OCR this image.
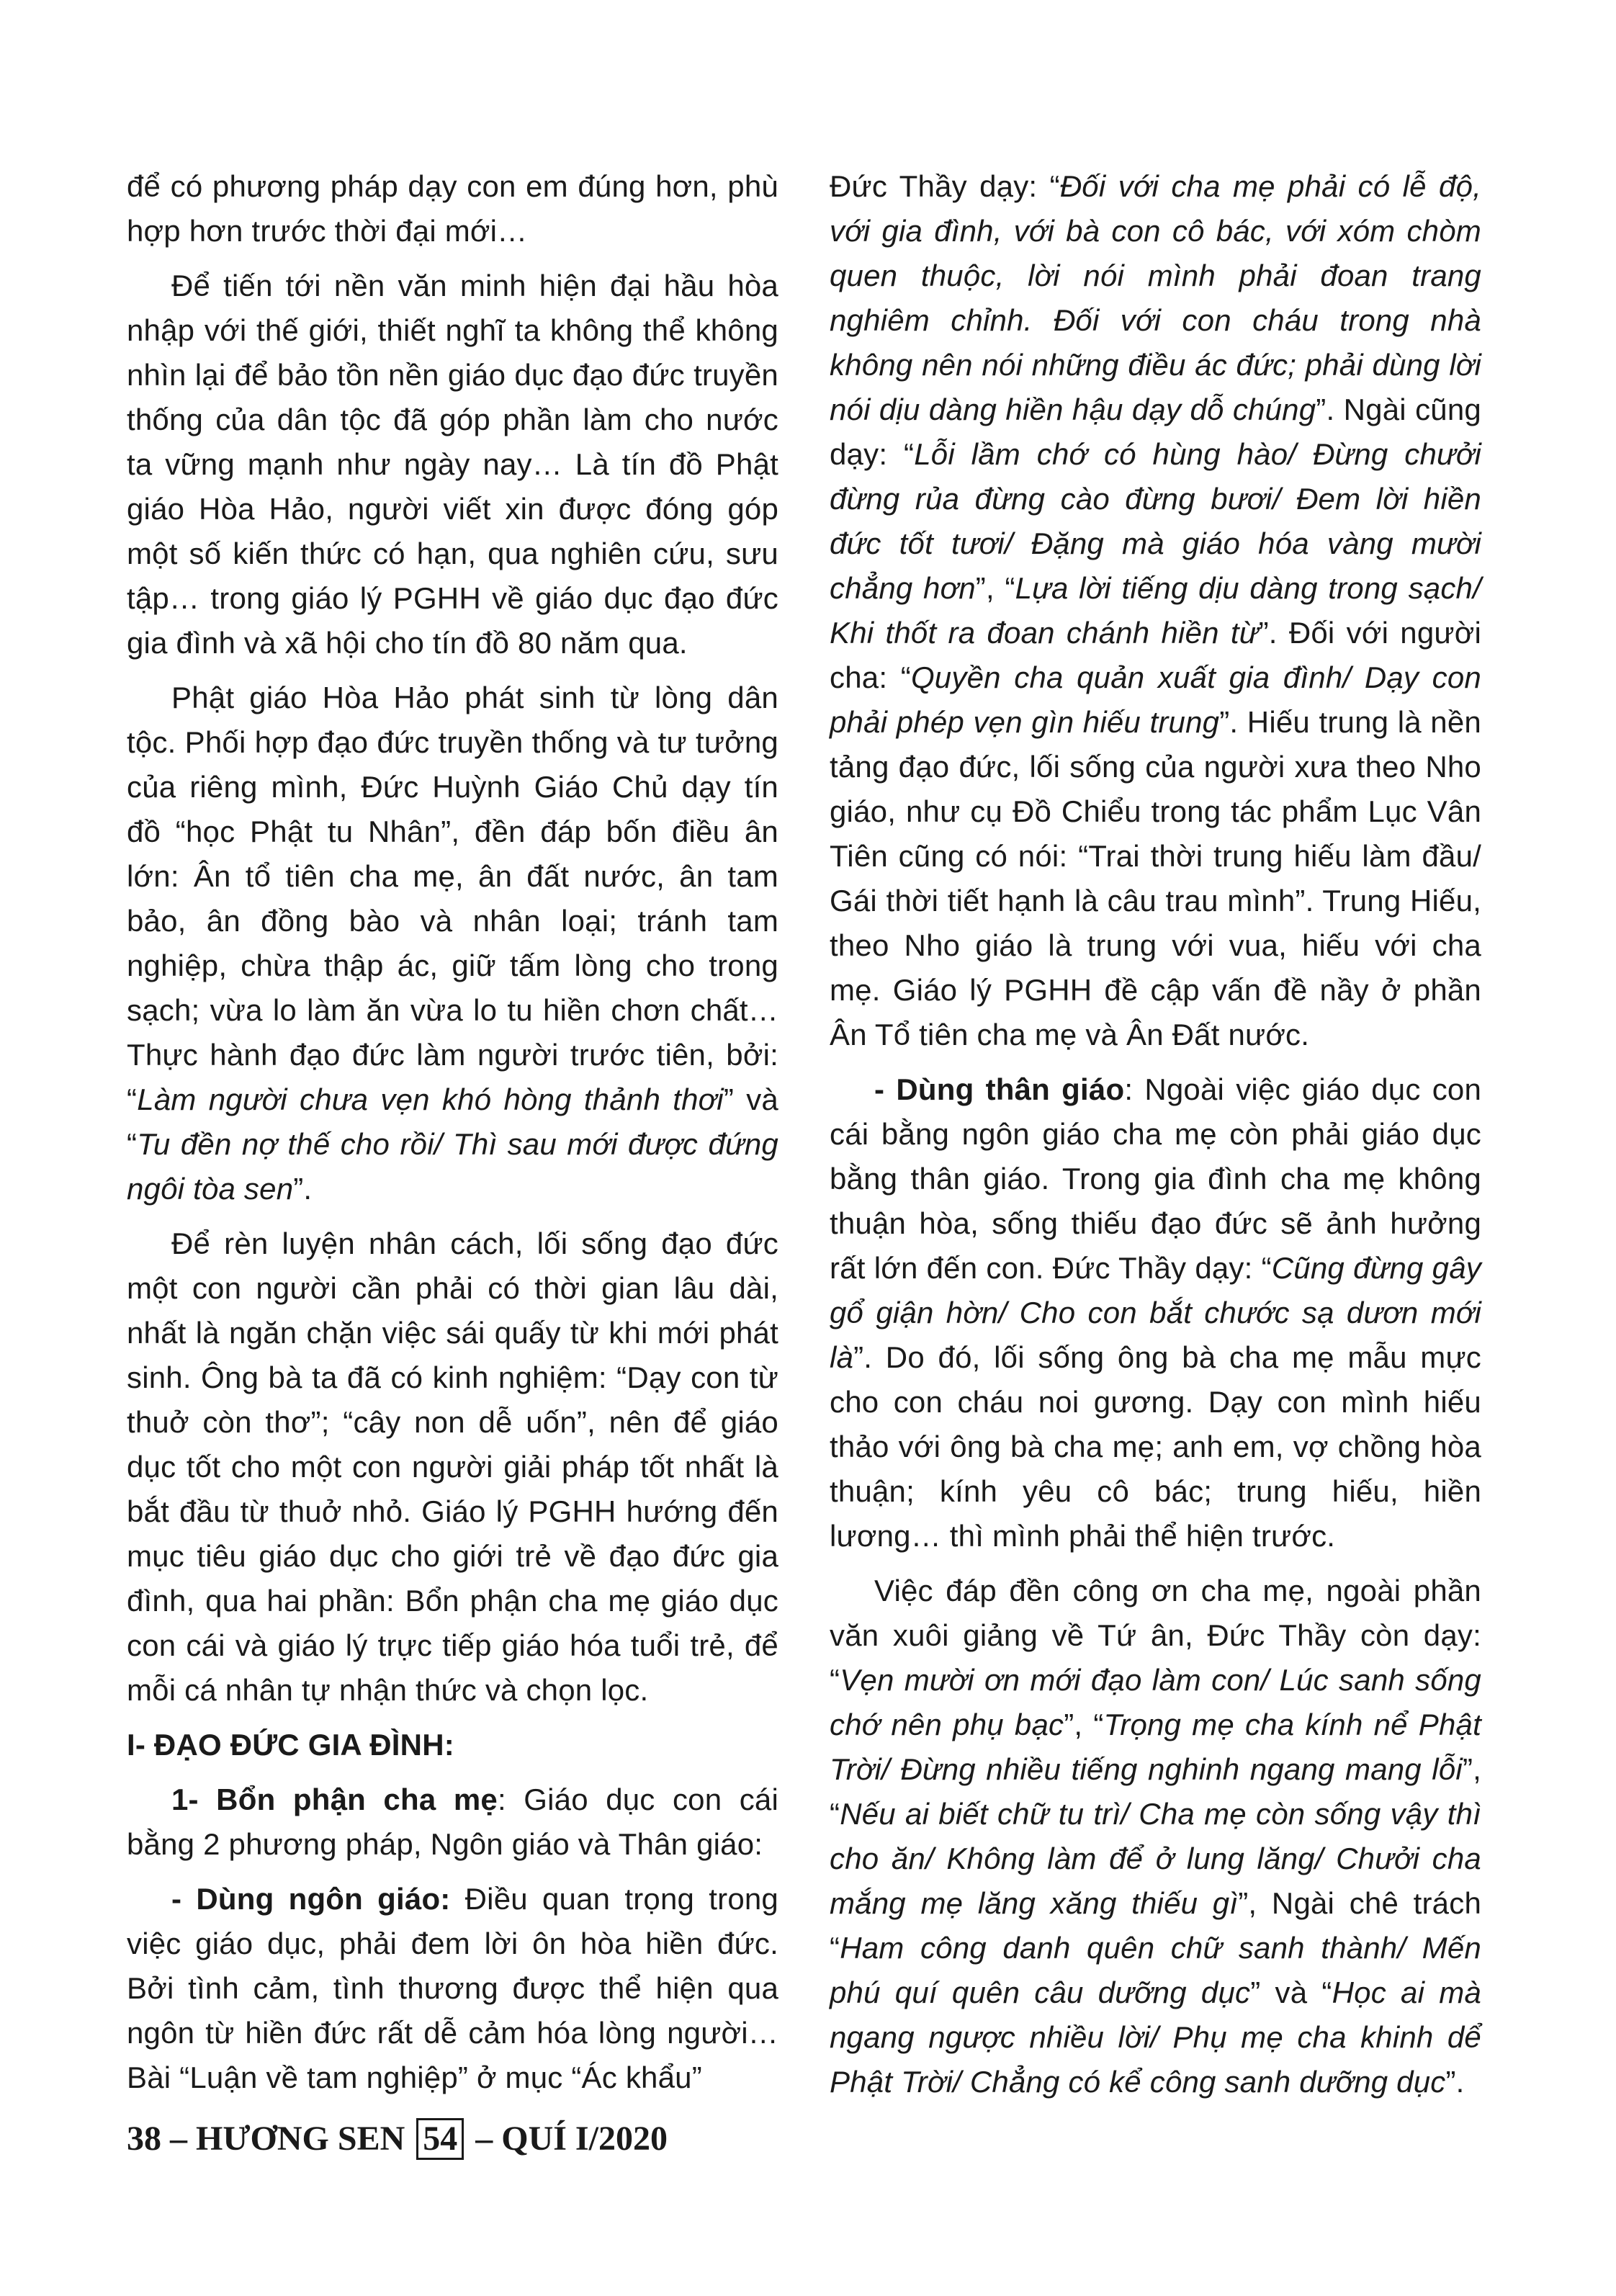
để có phương pháp dạy con em đúng hơn, phù hợp hơn trước thời đại mới…

Để tiến tới nền văn minh hiện đại hầu hòa nhập với thế giới, thiết nghĩ ta không thể không nhìn lại để bảo tồn nền giáo dục đạo đức truyền thống của dân tộc đã góp phần làm cho nước ta vững mạnh như ngày nay… Là tín đồ Phật giáo Hòa Hảo, người viết xin được đóng góp một số kiến thức có hạn, qua nghiên cứu, sưu tập… trong giáo lý PGHH về giáo dục đạo đức gia đình và xã hội cho tín đồ 80 năm qua.

Phật giáo Hòa Hảo phát sinh từ lòng dân tộc. Phối hợp đạo đức truyền thống và tư tưởng của riêng mình, Đức Huỳnh Giáo Chủ dạy tín đồ “học Phật tu Nhân”, đền đáp bốn điều ân lớn: Ân tổ tiên cha mẹ, ân đất nước, ân tam bảo, ân đồng bào và nhân loại; tránh tam nghiệp, chừa thập ác, giữ tấm lòng cho trong sạch; vừa lo làm ăn vừa lo tu hiền chơn chất… Thực hành đạo đức làm người trước tiên, bởi: “Làm người chưa vẹn khó hòng thảnh thơi” và “Tu đền nợ thế cho rồi/ Thì sau mới được đứng ngôi tòa sen”.

Để rèn luyện nhân cách, lối sống đạo đức một con người cần phải có thời gian lâu dài, nhất là ngăn chặn việc sái quấy từ khi mới phát sinh. Ông bà ta đã có kinh nghiệm: “Dạy con từ thuở còn thơ”; “cây non dễ uốn”, nên để giáo dục tốt cho một con người giải pháp tốt nhất là bắt đầu từ thuở nhỏ. Giáo lý PGHH hướng đến mục tiêu giáo dục cho giới trẻ về đạo đức gia đình, qua hai phần: Bổn phận cha mẹ giáo dục con cái và giáo lý trực tiếp giáo hóa tuổi trẻ, để mỗi cá nhân tự nhận thức và chọn lọc.

I- ĐẠO ĐỨC GIA ĐÌNH:

1- Bổn phận cha mẹ: Giáo dục con cái bằng 2 phương pháp, Ngôn giáo và Thân giáo:

- Dùng ngôn giáo: Điều quan trọng trong việc giáo dục, phải đem lời ôn hòa hiền đức. Bởi tình cảm, tình thương được thể hiện qua ngôn từ hiền đức rất dễ cảm hóa lòng người… Bài “Luận về tam nghiệp” ở mục “Ác khẩu”

Đức Thầy dạy: “Đối với cha mẹ phải có lễ độ, với gia đình, với bà con cô bác, với xóm chòm quen thuộc, lời nói mình phải đoan trang nghiêm chỉnh. Đối với con cháu trong nhà không nên nói những điều ác đức; phải dùng lời nói dịu dàng hiền hậu dạy dỗ chúng”. Ngài cũng dạy: “Lỗi lầm chớ có hùng hào/ Đừng chưởi đừng rủa đừng cào đừng bươi/ Đem lời hiền đức tốt tươi/ Đặng mà giáo hóa vàng mười chẳng hơn”, “Lựa lời tiếng dịu dàng trong sạch/ Khi thốt ra đoan chánh hiền từ”. Đối với người cha: “Quyền cha quản xuất gia đình/ Dạy con phải phép vẹn gìn hiếu trung”. Hiếu trung là nền tảng đạo đức, lối sống của người xưa theo Nho giáo, như cụ Đồ Chiểu trong tác phẩm Lục Vân Tiên cũng có nói: “Trai thời trung hiếu làm đầu/ Gái thời tiết hạnh là câu trau mình”. Trung Hiếu, theo Nho giáo là trung với vua, hiếu với cha mẹ. Giáo lý PGHH đề cập vấn đề nầy ở phần Ân Tổ tiên cha mẹ và Ân Đất nước.

- Dùng thân giáo: Ngoài việc giáo dục con cái bằng ngôn giáo cha mẹ còn phải giáo dục bằng thân giáo. Trong gia đình cha mẹ không thuận hòa, sống thiếu đạo đức sẽ ảnh hưởng rất lớn đến con. Đức Thầy dạy: “Cũng đừng gây gổ giận hờn/ Cho con bắt chước sạ dươn mới là”. Do đó, lối sống ông bà cha mẹ mẫu mực cho con cháu noi gương. Dạy con mình hiếu thảo với ông bà cha mẹ; anh em, vợ chồng hòa thuận; kính yêu cô bác; trung hiếu, hiền lương… thì mình phải thể hiện trước.

Việc đáp đền công ơn cha mẹ, ngoài phần văn xuôi giảng về Tứ ân, Đức Thầy còn dạy: “Vẹn mười ơn mới đạo làm con/ Lúc sanh sống chớ nên phụ bạc”, “Trọng mẹ cha kính nể Phật Trời/ Đừng nhiều tiếng nghinh ngang mang lỗi”, “Nếu ai biết chữ tu trì/ Cha mẹ còn sống vậy thì cho ăn/ Không làm để ở lung lăng/ Chưởi cha mắng mẹ lăng xăng thiếu gì”, Ngài chê trách “Ham công danh quên chữ sanh thành/ Mến phú quí quên câu dưỡng dục” và “Học ai mà ngang ngược nhiều lời/ Phụ mẹ cha khinh dể Phật Trời/ Chẳng có kể công sanh dưỡng dục”.

38 – HƯƠNG SEN 54 – QUÍ I/2020
